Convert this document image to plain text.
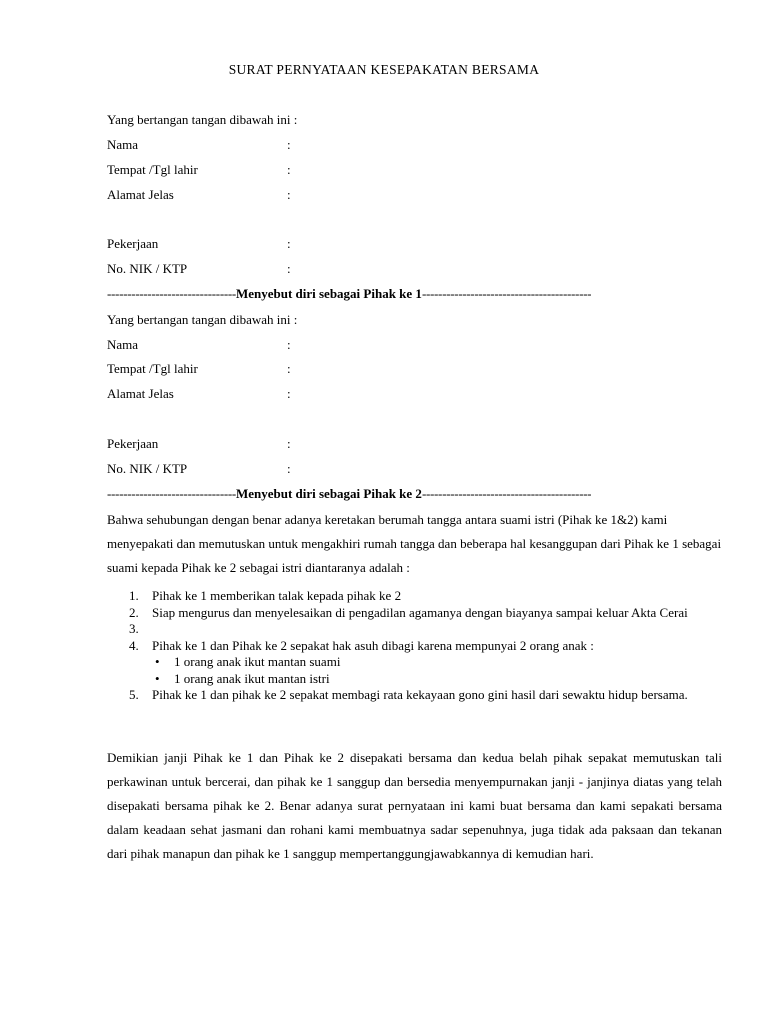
SURAT PERNYATAAN KESEPAKATAN BERSAMA
Yang bertangan tangan dibawah ini :
Nama	:
Tempat /Tgl lahir	:
Alamat Jelas	:
Pekerjaan	:
No. NIK / KTP	:
--------------------------------Menyebut diri sebagai Pihak ke 1------------------------------------------
Yang bertangan tangan dibawah ini :
Nama	:
Tempat /Tgl lahir	:
Alamat Jelas	:
Pekerjaan	:
No. NIK / KTP	:
--------------------------------Menyebut diri sebagai Pihak ke 2------------------------------------------
Bahwa sehubungan dengan benar adanya keretakan berumah tangga antara suami istri (Pihak ke 1&2) kami menyepakati dan memutuskan untuk mengakhiri rumah tangga dan beberapa hal kesanggupan dari Pihak ke 1 sebagai suami kepada Pihak ke 2 sebagai istri diantaranya adalah :
1. Pihak ke 1 memberikan talak kepada pihak ke 2
2. Siap mengurus dan menyelesaikan di pengadilan agamanya dengan biayanya sampai keluar Akta Cerai
3.
4. Pihak ke 1 dan Pihak ke 2 sepakat hak asuh dibagi karena mempunyai 2 orang anak :
• 1 orang anak ikut mantan suami
• 1 orang anak ikut mantan istri
5. Pihak ke 1 dan pihak ke 2 sepakat membagi rata kekayaan gono gini hasil dari sewaktu hidup bersama.
Demikian janji Pihak ke 1 dan Pihak ke 2 disepakati bersama dan kedua belah pihak sepakat memutuskan tali perkawinan untuk bercerai, dan pihak ke 1 sanggup dan bersedia menyempurnakan janji - janjinya diatas yang telah disepakati bersama pihak ke 2. Benar adanya surat pernyataan ini kami buat bersama dan kami sepakati bersama dalam keadaan sehat jasmani dan rohani kami membuatnya sadar sepenuhnya, juga tidak ada paksaan dan tekanan dari pihak manapun dan pihak ke 1 sanggup mempertanggungjawabkannya di kemudian hari.
